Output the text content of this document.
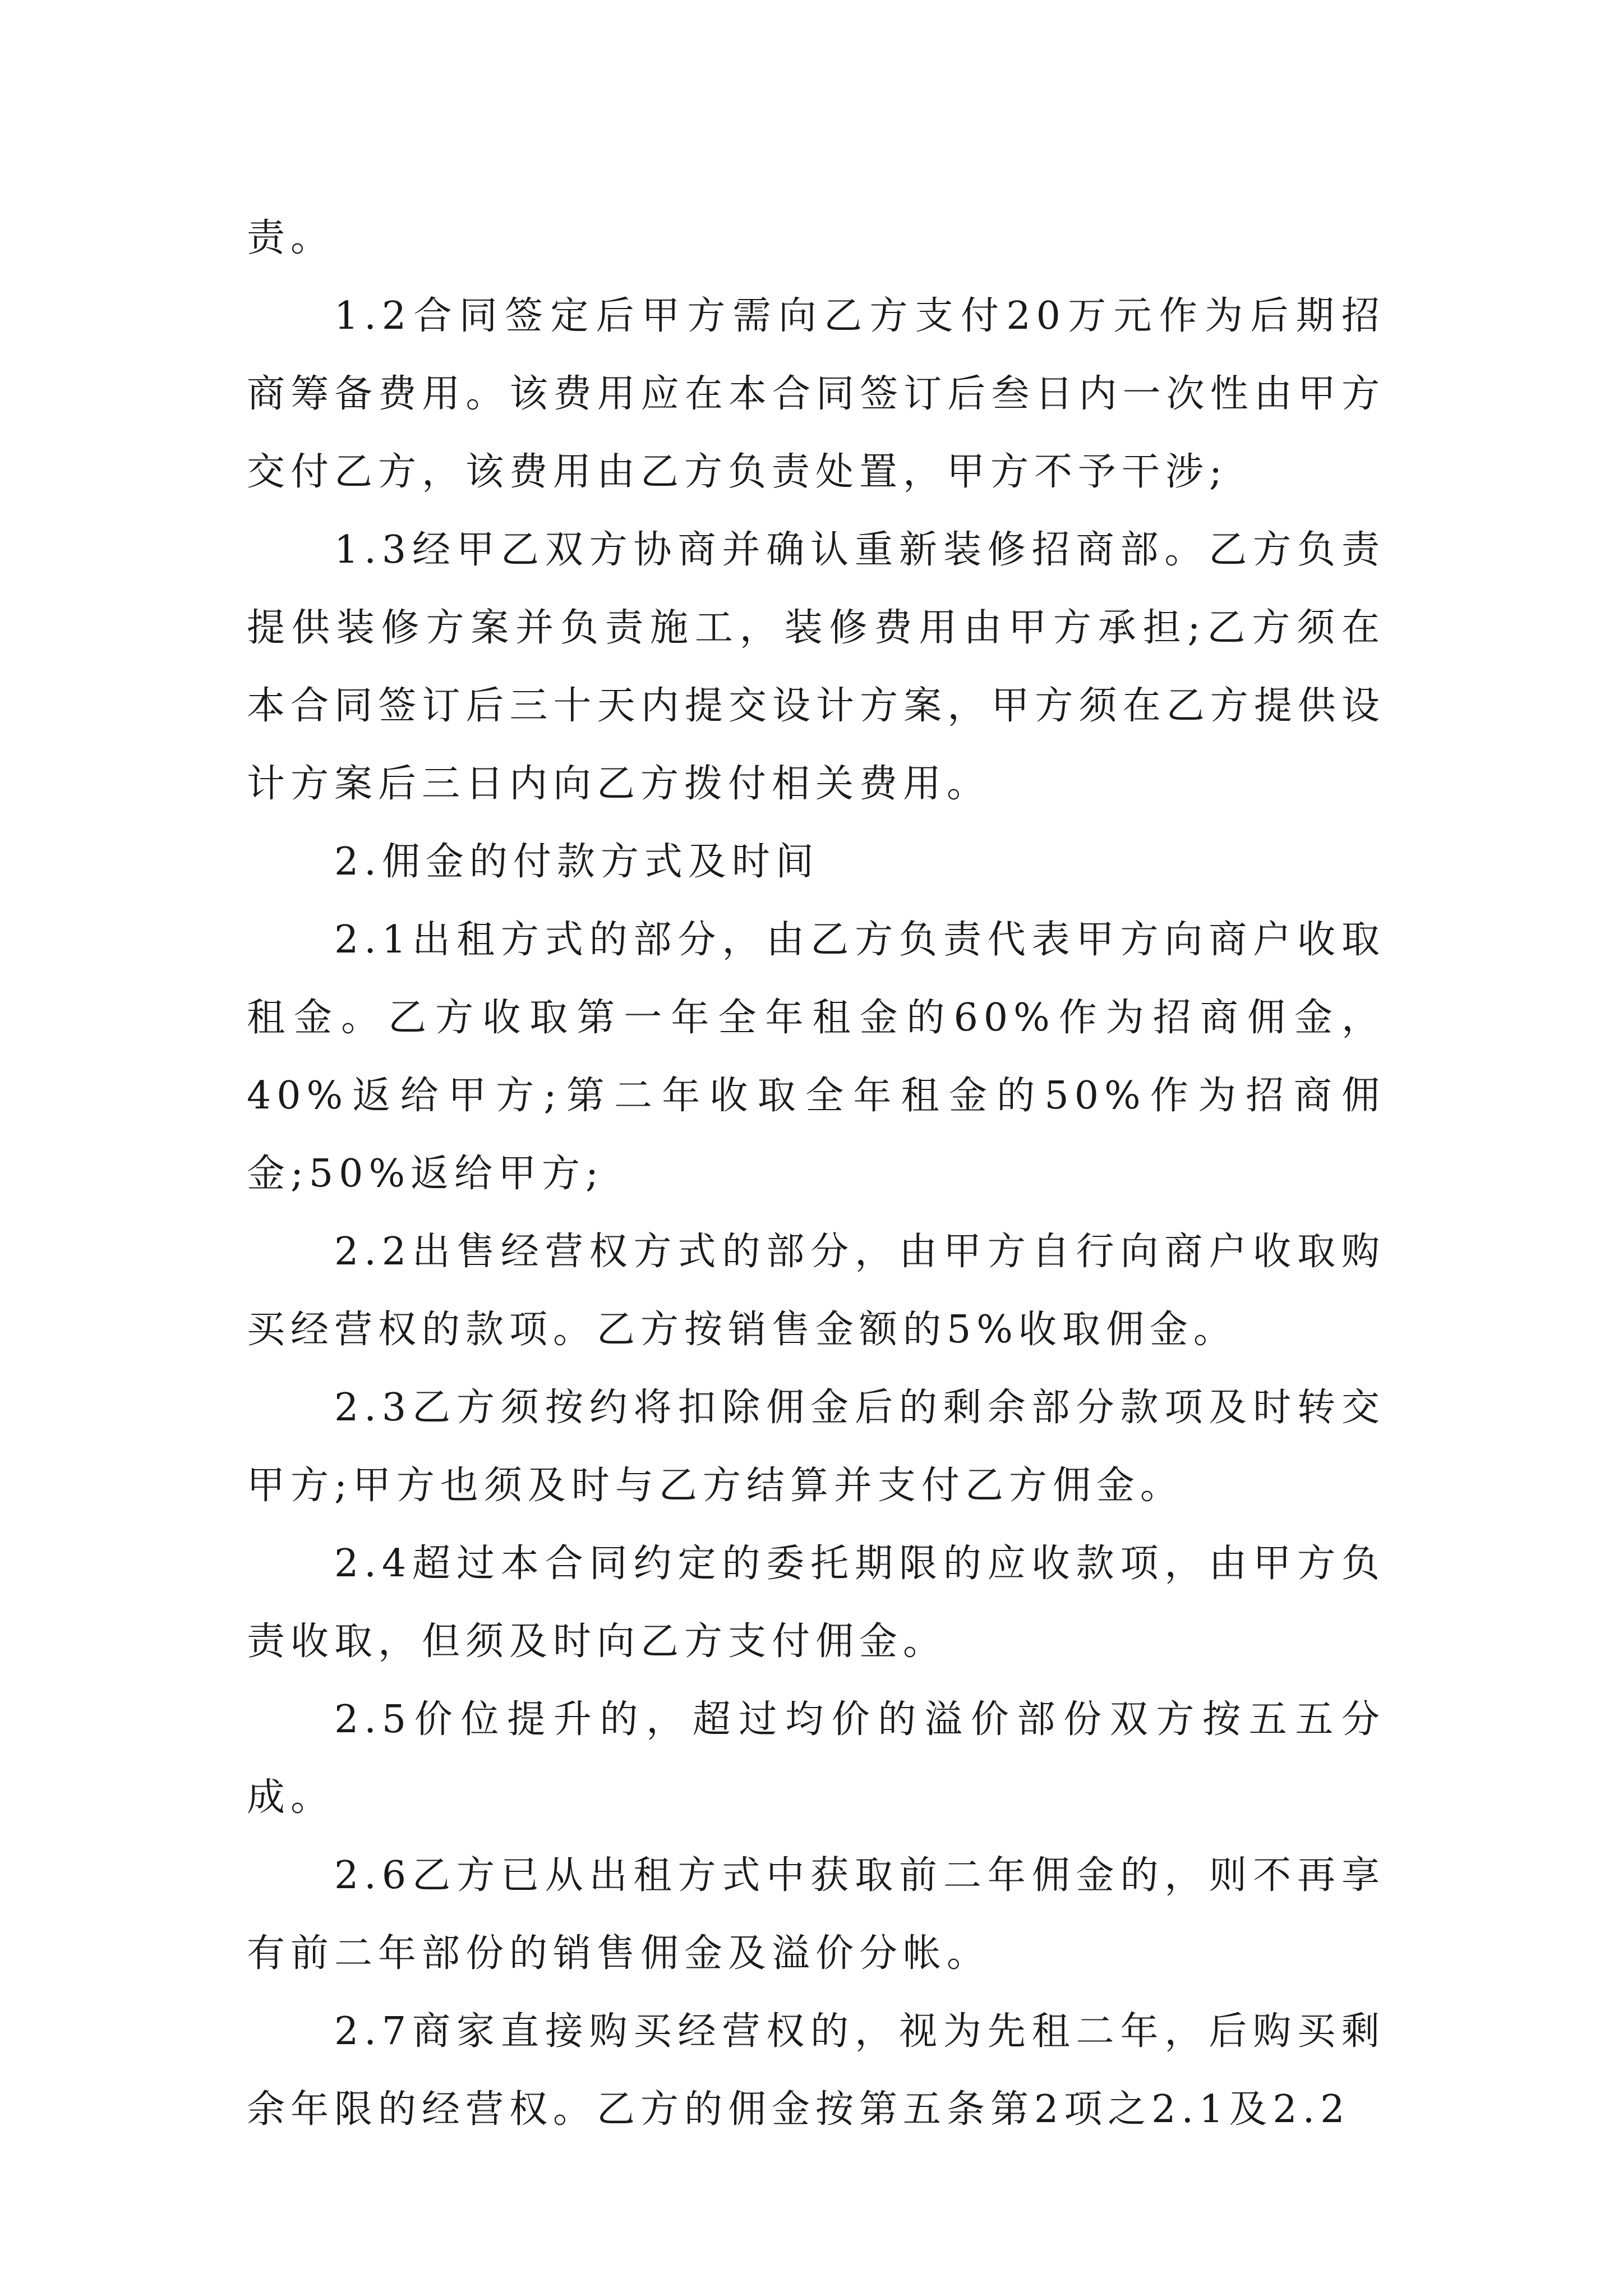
责。

1.2合同签定后甲方需向乙方支付20万元作为后期招商筹备费用。该费用应在本合同签订后叁日内一次性由甲方交付乙方，该费用由乙方负责处置，甲方不予干涉;

1.3经甲乙双方协商并确认重新装修招商部。乙方负责提供装修方案并负责施工，装修费用由甲方承担;乙方须在本合同签订后三十天内提交设计方案，甲方须在乙方提供设计方案后三日内向乙方拨付相关费用。

2.佣金的付款方式及时间

2.1出租方式的部分，由乙方负责代表甲方向商户收取租金。乙方收取第一年全年租金的60%作为招商佣金，40%返给甲方;第二年收取全年租金的50%作为招商佣金;50%返给甲方;

2.2出售经营权方式的部分，由甲方自行向商户收取购买经营权的款项。乙方按销售金额的5%收取佣金。

2.3乙方须按约将扣除佣金后的剩余部分款项及时转交甲方;甲方也须及时与乙方结算并支付乙方佣金。

2.4超过本合同约定的委托期限的应收款项，由甲方负责收取，但须及时向乙方支付佣金。

2.5价位提升的，超过均价的溢价部份双方按五五分成。

2.6乙方已从出租方式中获取前二年佣金的，则不再享有前二年部份的销售佣金及溢价分帐。

2.7商家直接购买经营权的，视为先租二年，后购买剩余年限的经营权。乙方的佣金按第五条第2项之2.1及2.2
